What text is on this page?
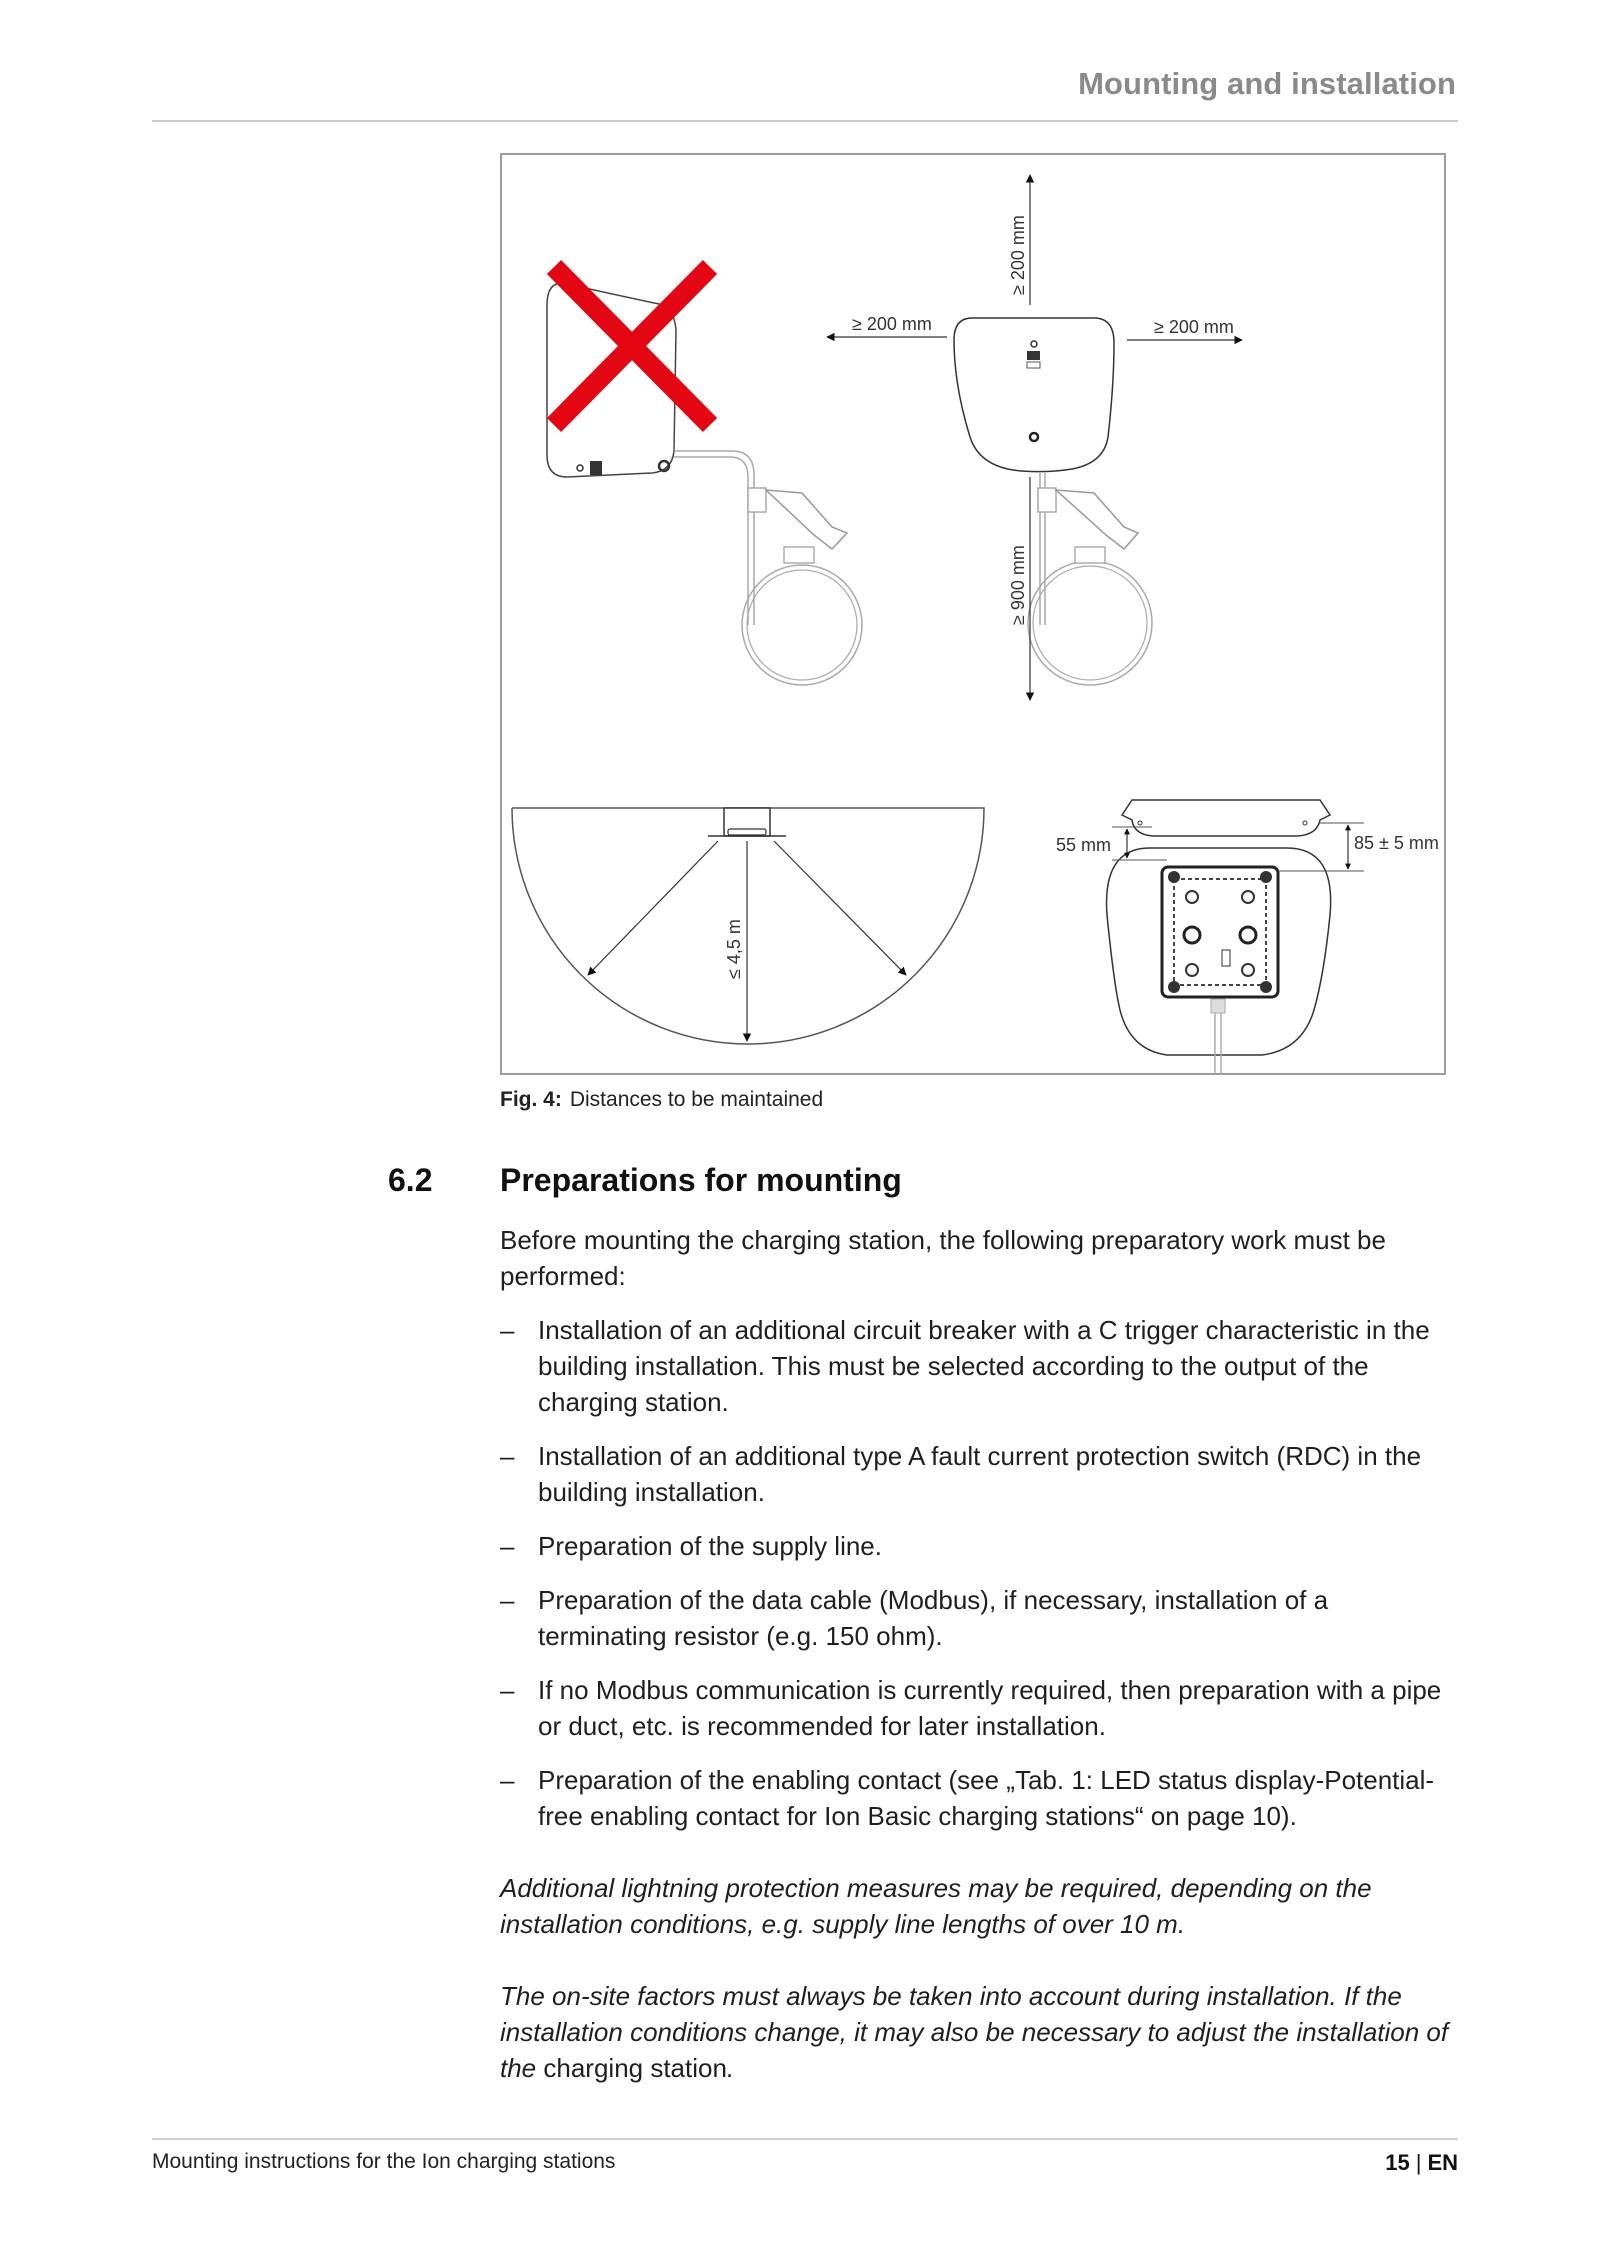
Mounting and installation
≥ 200 mm
≥ 200 mm	≥ 200 mm
≥ 900 mm
≤ 4,5 m
55 mm	85 ± 5 mm
Fig. 4: Distances to be maintained
6.2 Preparations for mounting

Before mounting the charging station, the following preparatory work must be performed:

– Installation of an additional circuit breaker with a C trigger characteristic in the building installation. This must be selected according to the output of the charging station.
– Installation of an additional type A fault current protection switch (RDC) in the building installation.
– Preparation of the supply line.
– Preparation of the data cable (Modbus), if necessary, installation of a terminating resistor (e.g. 150 ohm).
– If no Modbus communication is currently required, then preparation with a pipe or duct, etc. is recommended for later installation.
– Preparation of the enabling contact (see „Tab. 1: LED status display-Potential-free enabling contact for Ion Basic charging stations“ on page 10).

Additional lightning protection measures may be required, depending on the installation conditions, e.g. supply line lengths of over 10 m.

The on-site factors must always be taken into account during installation. If the installation conditions change, it may also be necessary to adjust the installation of the charging station.

Mounting instructions for the Ion charging stations	15 | EN
